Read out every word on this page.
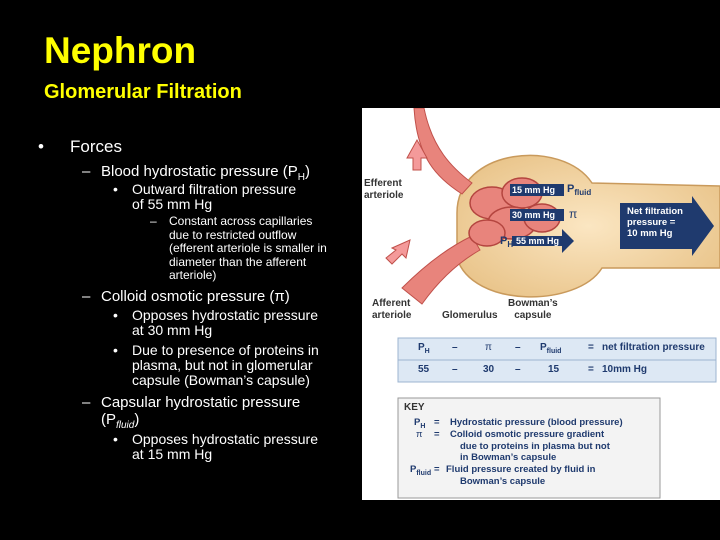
Nephron
Glomerular Filtration
• Forces
– Blood hydrostatic pressure $(P_H)$
• Outward filtration pressure
of 55 mm Hg
– Constant across capillaries
due to restricted outflow
(efferent arteriole is smaller in
diameter than the afferent
arteriole)
– Colloid osmotic pressure (π)
• Opposes hydrostatic pressure
at 30 mm Hg
• Due to presence of proteins in
plasma, but not in glomerular
capsule (Bowman’s capsule)
– Capsular hydrostatic pressure
$(P_{fluid})$
• Opposes hydrostatic pressure
at 15 mm Hg
Efferent
arteriole
Afferent
arteriole	Glomerulus
Bowman’s
capsule
15 mm Hg $P_{fluid}$
30 mm Hg π
$P_H$ 55 mm Hg
Net filtration
pressure =
10 mm Hg
$P_H$ –	π – $P_{fluid}$	= net filtration pressure
55 –	30 –	15	= 10mm Hg
KEY
$P_H$ = Hydrostatic pressure (blood pressure)
π = Colloid osmotic pressure gradient
due to proteins in plasma but not
in Bowman’s capsule
$P_{fluid}$ = Fluid pressure created by fluid in
Bowman’s capsule
